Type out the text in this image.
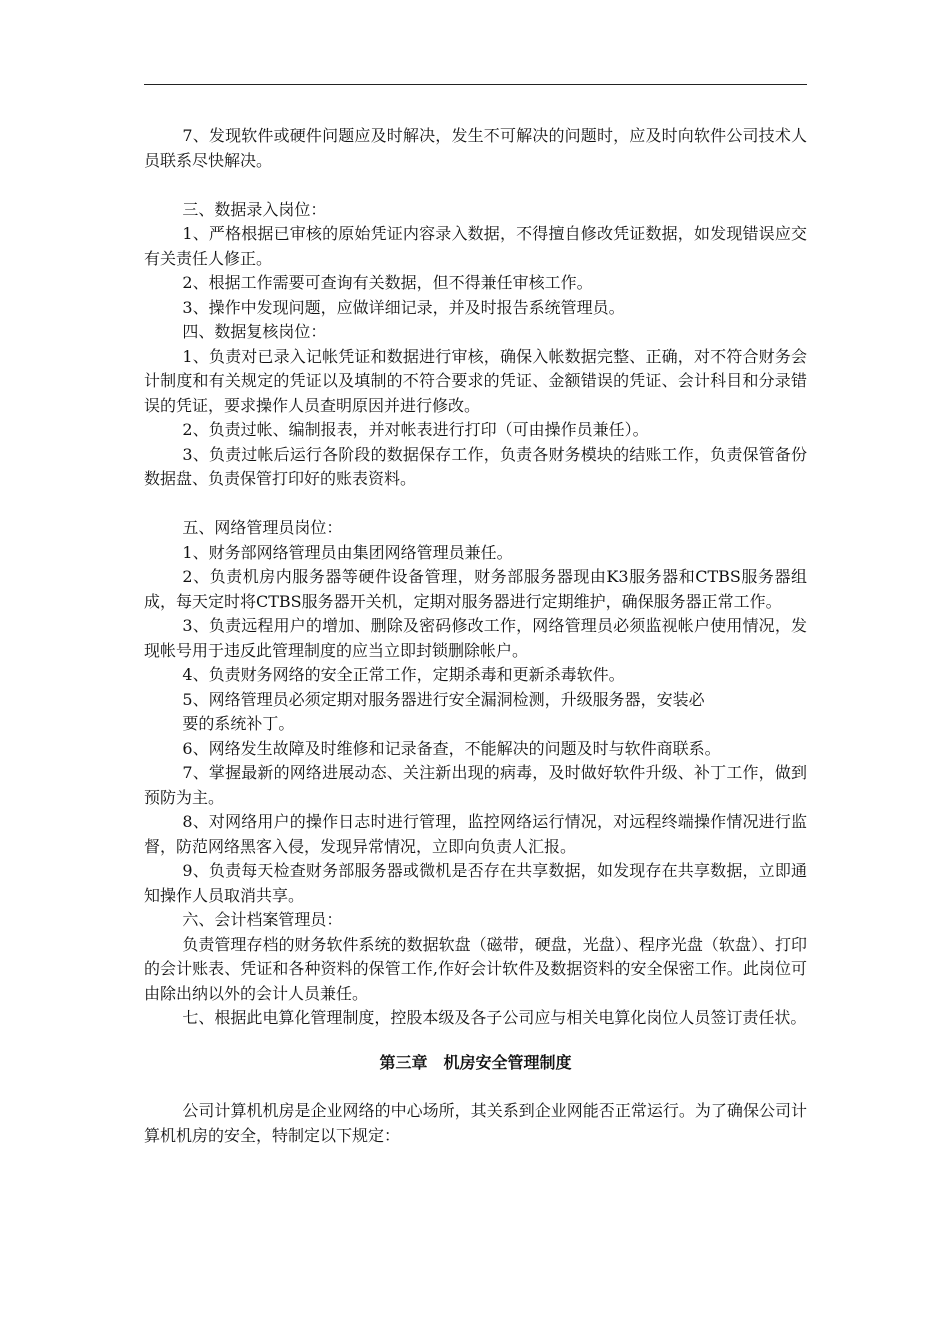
7、发现软件或硬件问题应及时解决，发生不可解决的问题时，应及时向软件公司技术人员联系尽快解决。

三、数据录入岗位：

1、严格根据已审核的原始凭证内容录入数据，不得擅自修改凭证数据，如发现错误应交有关责任人修正。

2、根据工作需要可查询有关数据，但不得兼任审核工作。

3、操作中发现问题，应做详细记录，并及时报告系统管理员。

四、数据复核岗位：

1、负责对已录入记帐凭证和数据进行审核，确保入帐数据完整、正确，对不符合财务会计制度和有关规定的凭证以及填制的不符合要求的凭证、金额错误的凭证、会计科目和分录错误的凭证，要求操作人员查明原因并进行修改。

2、负责过帐、编制报表，并对帐表进行打印（可由操作员兼任）。

3、负责过帐后运行各阶段的数据保存工作，负责各财务模块的结账工作，负责保管备份数据盘、负责保管打印好的账表资料。

五、网络管理员岗位：

1、财务部网络管理员由集团网络管理员兼任。

2、负责机房内服务器等硬件设备管理，财务部服务器现由K3服务器和CTBS服务器组成，每天定时将CTBS服务器开关机，定期对服务器进行定期维护，确保服务器正常工作。

3、负责远程用户的增加、删除及密码修改工作，网络管理员必须监视帐户使用情况，发现帐号用于违反此管理制度的应当立即封锁删除帐户。

4、负责财务网络的安全正常工作，定期杀毒和更新杀毒软件。

5、网络管理员必须定期对服务器进行安全漏洞检测，升级服务器，安装必

要的系统补丁。

6、网络发生故障及时维修和记录备查，不能解决的问题及时与软件商联系。

7、掌握最新的网络进展动态、关注新出现的病毒，及时做好软件升级、补丁工作，做到预防为主。

8、对网络用户的操作日志时进行管理，监控网络运行情况，对远程终端操作情况进行监督，防范网络黑客入侵，发现异常情况，立即向负责人汇报。

9、负责每天检查财务部服务器或微机是否存在共享数据，如发现存在共享数据，立即通知操作人员取消共享。

六、会计档案管理员：

负责管理存档的财务软件系统的数据软盘（磁带，硬盘，光盘）、程序光盘（软盘）、打印的会计账表、凭证和各种资料的保管工作,作好会计软件及数据资料的安全保密工作。此岗位可由除出纳以外的会计人员兼任。

七、根据此电算化管理制度，控股本级及各子公司应与相关电算化岗位人员签订责任状。

第三章　机房安全管理制度

公司计算机机房是企业网络的中心场所，其关系到企业网能否正常运行。为了确保公司计算机机房的安全，特制定以下规定：
